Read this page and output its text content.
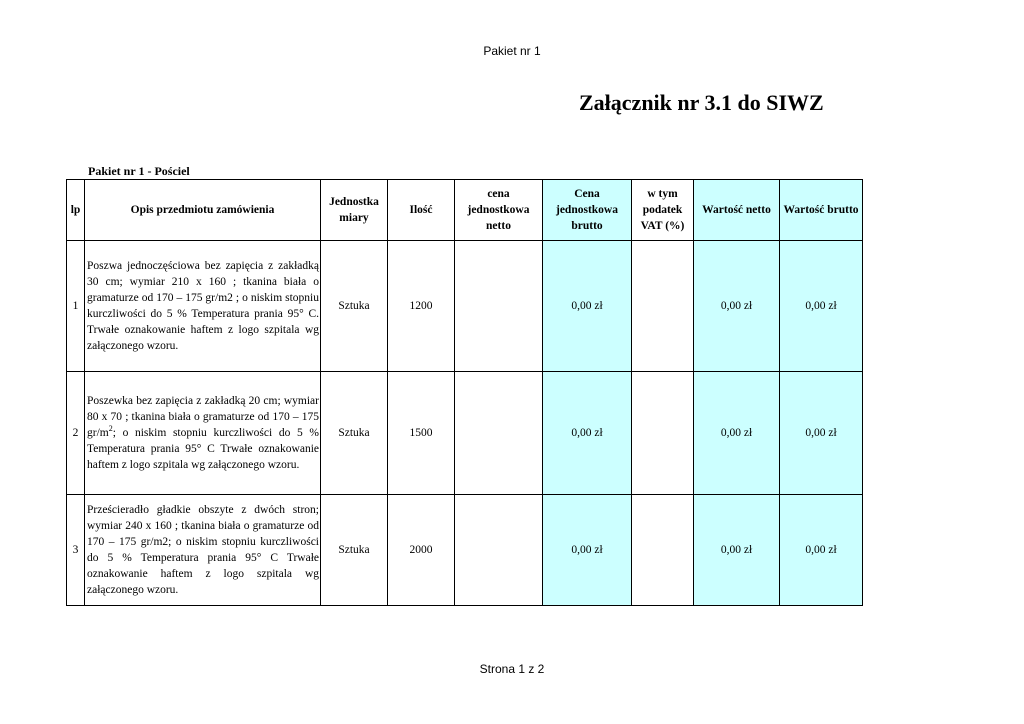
Pakiet nr 1
Załącznik nr 3.1 do SIWZ
Pakiet nr 1 - Pościel
lp	Opis przedmiotu zamówienia	Jednostka miary	Ilość	cena jednostkowa netto	Cena jednostkowa brutto	w tym podatek VAT (%)	Wartość netto	Wartość brutto
1	Poszwa jednoczęściowa bez zapięcia z zakładką 30 cm; wymiar 210 x 160 ; tkanina biała o gramaturze od 170 – 175 gr/m2 ; o niskim stopniu kurczliwości do 5 % Temperatura prania 95° C. Trwałe oznakowanie haftem z logo szpitala wg załączonego wzoru.	Sztuka	1200		0,00 zł		0,00 zł	0,00 zł
2	Poszewka bez zapięcia z zakładką 20 cm; wymiar 80 x 70 ; tkanina biała o gramaturze od 170 – 175 $gr/m^2$; o niskim stopniu kurczliwości do 5 % Temperatura prania 95° C Trwałe oznakowanie haftem z logo szpitala wg załączonego wzoru.	Sztuka	1500		0,00 zł		0,00 zł	0,00 zł
3	Prześcieradło gładkie obszyte z dwóch stron; wymiar 240 x 160 ; tkanina biała o gramaturze od 170 – 175 gr/m2; o niskim stopniu kurczliwości do 5 % Temperatura prania 95° C Trwałe oznakowanie haftem z logo szpitala wg załączonego wzoru.	Sztuka	2000		0,00 zł		0,00 zł	0,00 zł
Strona 1 z 2
